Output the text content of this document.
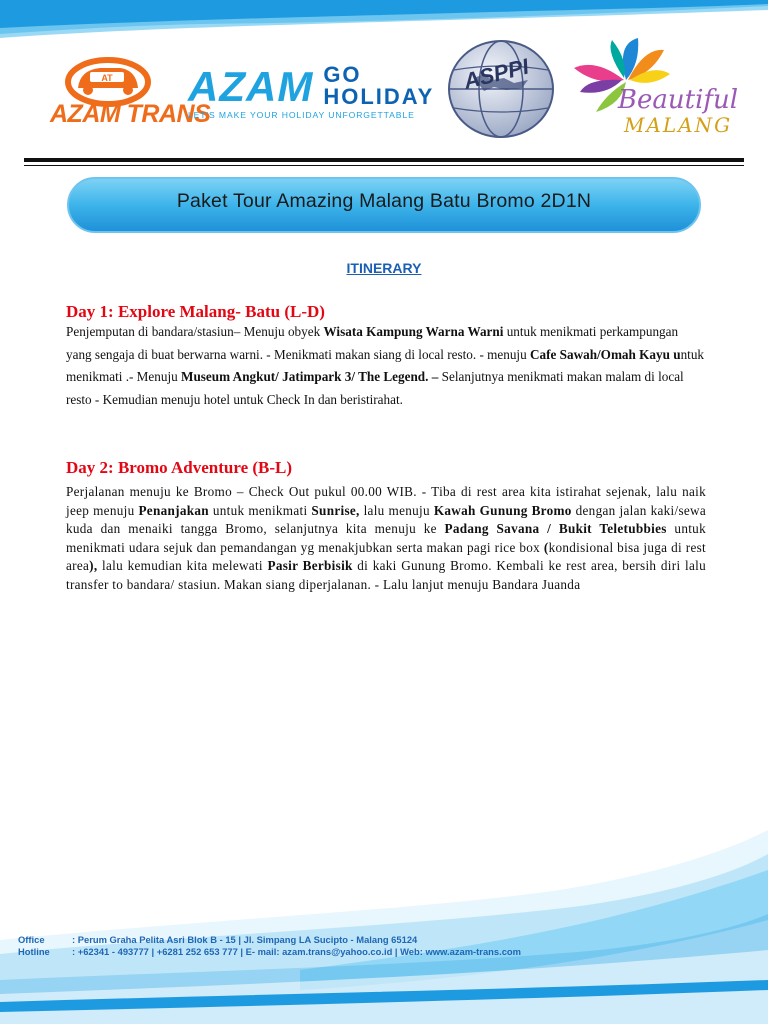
AT
AZAM TRANS
AZAM GO
HOLIDAY
LET'S MAKE YOUR HOLIDAY UNFORGETTABLE
ASPPI
Beautiful
MALANG
Paket Tour Amazing Malang Batu Bromo 2D1N
ITINERARY
Day 1: Explore Malang- Batu (L-D)
Penjemputan di bandara/stasiun– Menuju obyek Wisata Kampung Warna Warni untuk menikmati perkampungan yang sengaja di buat berwarna warni. - Menikmati makan siang di local resto. - menuju Cafe Sawah/Omah Kayu untuk menikmati .- Menuju Museum Angkut/ Jatimpark 3/ The Legend. – Selanjutnya menikmati makan malam di local resto - Kemudian menuju hotel untuk Check In dan beristirahat.
Day 2: Bromo Adventure (B-L)
Perjalanan menuju ke Bromo – Check Out pukul 00.00 WIB. - Tiba di rest area kita istirahat sejenak, lalu naik jeep menuju Penanjakan untuk menikmati Sunrise, lalu menuju Kawah Gunung Bromo dengan jalan kaki/sewa kuda dan menaiki tangga Bromo, selanjutnya kita menuju ke Padang Savana / Bukit Teletubbies untuk menikmati udara sejuk dan pemandangan yg menakjubkan serta makan pagi rice box (kondisional bisa juga di rest area), lalu kemudian kita melewati Pasir Berbisik di kaki Gunung Bromo. Kembali ke rest area, bersih diri lalu transfer to bandara/ stasiun. Makan siang diperjalanan. - Lalu lanjut menuju Bandara Juanda
Office	: Perum Graha Pelita Asri Blok B - 15 | Jl. Simpang LA Sucipto - Malang 65124
Hotline : +62341 - 493777 | +6281 252 653 777 | E- mail: azam.trans@yahoo.co.id | Web: www.azam-trans.com
